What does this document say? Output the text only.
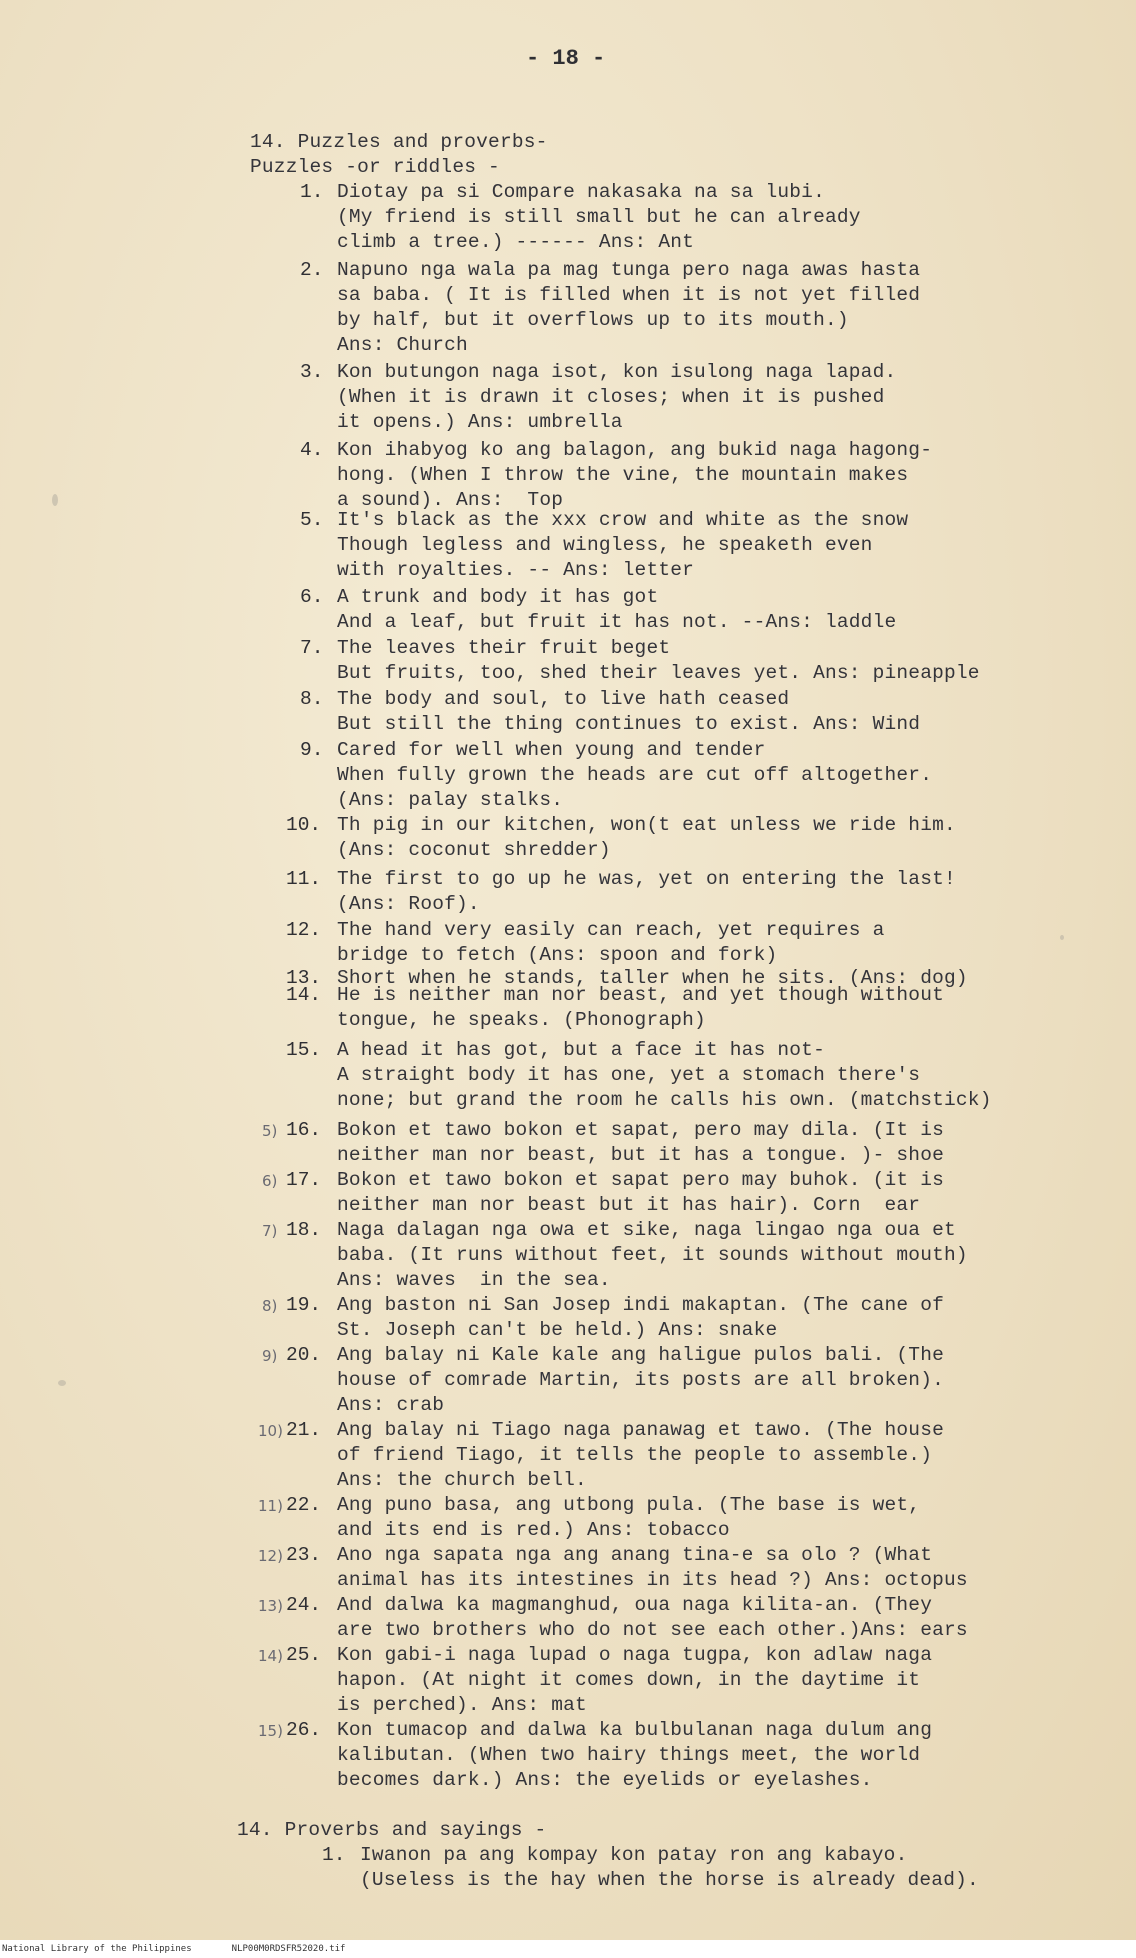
- 18 -
14. Puzzles and proverbs-
Puzzles -or riddles -
1. Diotay pa si Compare nakasaka na sa lubi.
(My friend is still small but he can already
climb a tree.) ------ Ans: Ant
2. Napuno nga wala pa mag tunga pero naga awas hasta
sa baba. ( It is filled when it is not yet filled
by half, but it overflows up to its mouth.)
Ans: Church
3. Kon butungon naga isot, kon isulong naga lapad.
(When it is drawn it closes; when it is pushed
it opens.) Ans: umbrella
4. Kon ihabyog ko ang balagon, ang bukid naga hagong-
hong. (When I throw the vine, the mountain makes
a sound). Ans:  Top
5. It's black as the xxx crow and white as the snow
Though legless and wingless, he speaketh even
with royalties. -- Ans: letter
6. A trunk and body it has got
And a leaf, but fruit it has not. --Ans: laddle
7. The leaves their fruit beget
But fruits, too, shed their leaves yet. Ans: pineapple
8. The body and soul, to live hath ceased
But still the thing continues to exist. Ans: Wind
9. Cared for well when young and tender
When fully grown the heads are cut off altogether.
(Ans: palay stalks.
10. Th pig in our kitchen, won(t eat unless we ride him.
(Ans: coconut shredder)
11. The first to go up he was, yet on entering the last!
(Ans: Roof).
12. The hand very easily can reach, yet requires a
bridge to fetch (Ans: spoon and fork)
13. Short when he stands, taller when he sits. (Ans: dog)
14. He is neither man nor beast, and yet though without
tongue, he speaks. (Phonograph)
15. A head it has got, but a face it has not-
A straight body it has one, yet a stomach there's
none; but grand the room he calls his own. (matchstick)
5) 16. Bokon et tawo bokon et sapat, pero may dila. (It is
neither man nor beast, but it has a tongue. )- shoe
6) 17. Bokon et tawo bokon et sapat pero may buhok. (it is
neither man nor beast but it has hair). Corn  ear
7) 18. Naga dalagan nga owa et sike, naga lingao nga oua et
baba. (It runs without feet, it sounds without mouth)
Ans: waves  in the sea.
8) 19. Ang baston ni San Josep indi makaptan. (The cane of
St. Joseph can't be held.) Ans: snake
9) 20. Ang balay ni Kale kale ang haligue pulos bali. (The
house of comrade Martin, its posts are all broken).
Ans: crab
10) 21. Ang balay ni Tiago naga panawag et tawo. (The house
of friend Tiago, it tells the people to assemble.)
Ans: the church bell.
11) 22. Ang puno basa, ang utbong pula. (The base is wet,
and its end is red.) Ans: tobacco
12) 23. Ano nga sapata nga ang anang tina-e sa olo ? (What
animal has its intestines in its head ?) Ans: octopus
13) 24. And dalwa ka magmanghud, oua naga kilita-an. (They
are two brothers who do not see each other.)Ans: ears
14) 25. Kon gabi-i naga lupad o naga tugpa, kon adlaw naga
hapon. (At night it comes down, in the daytime it
is perched). Ans: mat
15) 26. Kon tumacop and dalwa ka bulbulanan naga dulum ang
kalibutan. (When two hairy things meet, the world
becomes dark.) Ans: the eyelids or eyelashes.
14. Proverbs and sayings -
1. Iwanon pa ang kompay kon patay ron ang kabayo.
(Useless is the hay when the horse is already dead).
National Library of the Philippines	NLP00M0RDSFR52020.tif
